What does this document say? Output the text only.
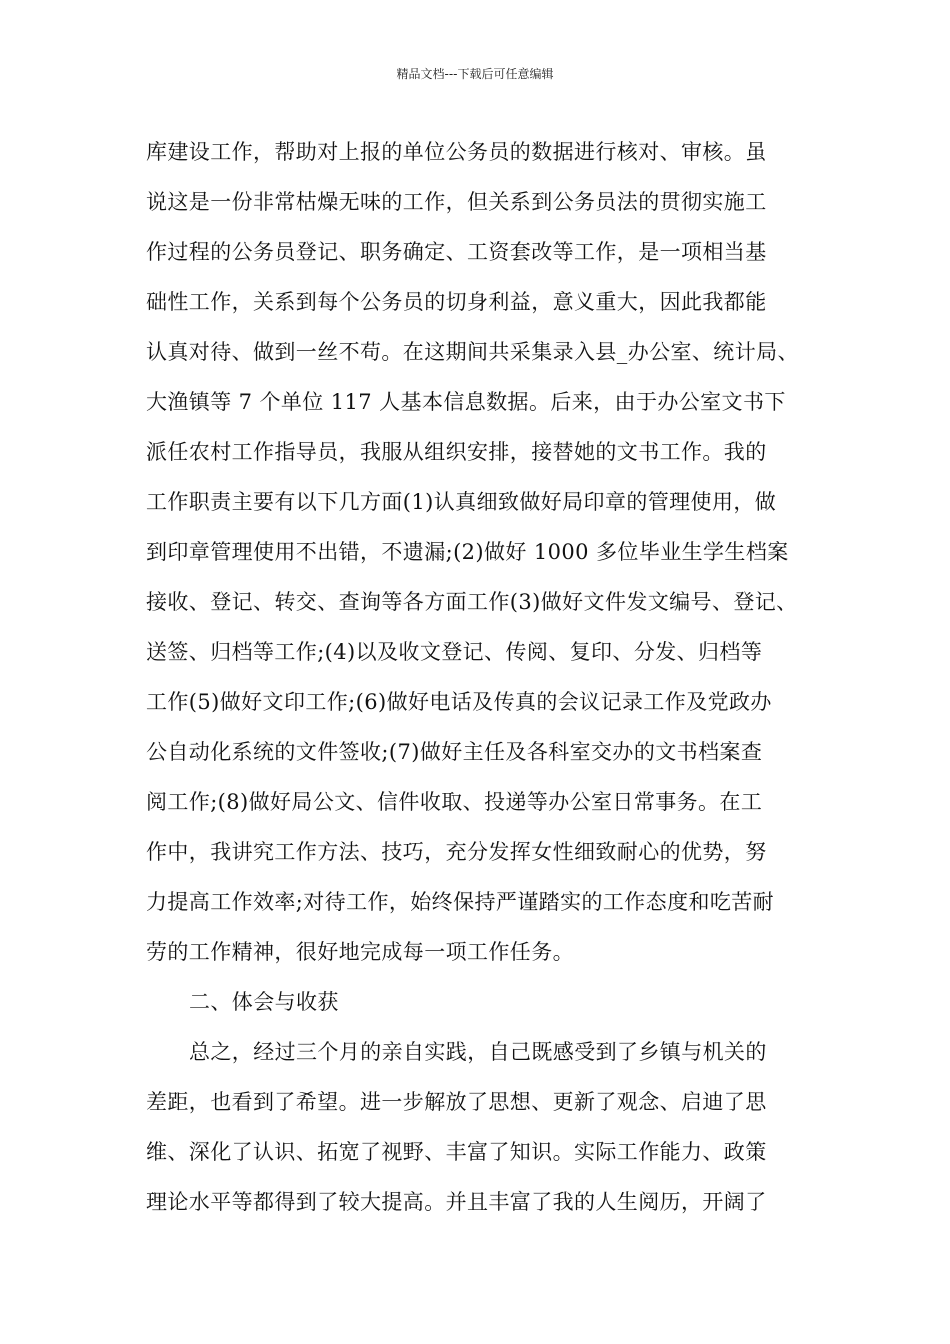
精品文档---下载后可任意编辑
库建设工作，帮助对上报的单位公务员的数据进行核对、审核。虽
说这是一份非常枯燥无味的工作，但关系到公务员法的贯彻实施工
作过程的公务员登记、职务确定、工资套改等工作，是一项相当基
础性工作，关系到每个公务员的切身利益，意义重大，因此我都能
认真对待、做到一丝不苟。在这期间共采集录入县_办公室、统计局、
大渔镇等 7 个单位 117 人基本信息数据。后来，由于办公室文书下
派任农村工作指导员，我服从组织安排，接替她的文书工作。我的
工作职责主要有以下几方面(1)认真细致做好局印章的管理使用，做
到印章管理使用不出错，不遗漏;(2)做好 1000 多位毕业生学生档案
接收、登记、转交、查询等各方面工作(3)做好文件发文编号、登记、
送签、归档等工作;(4)以及收文登记、传阅、复印、分发、归档等
工作(5)做好文印工作;(6)做好电话及传真的会议记录工作及党政办
公自动化系统的文件签收;(7)做好主任及各科室交办的文书档案查
阅工作;(8)做好局公文、信件收取、投递等办公室日常事务。在工
作中，我讲究工作方法、技巧，充分发挥女性细致耐心的优势，努
力提高工作效率;对待工作，始终保持严谨踏实的工作态度和吃苦耐
劳的工作精神，很好地完成每一项工作任务。
二、体会与收获
总之，经过三个月的亲自实践，自己既感受到了乡镇与机关的
差距，也看到了希望。进一步解放了思想、更新了观念、启迪了思
维、深化了认识、拓宽了视野、丰富了知识。实际工作能力、政策
理论水平等都得到了较大提高。并且丰富了我的人生阅历，开阔了
